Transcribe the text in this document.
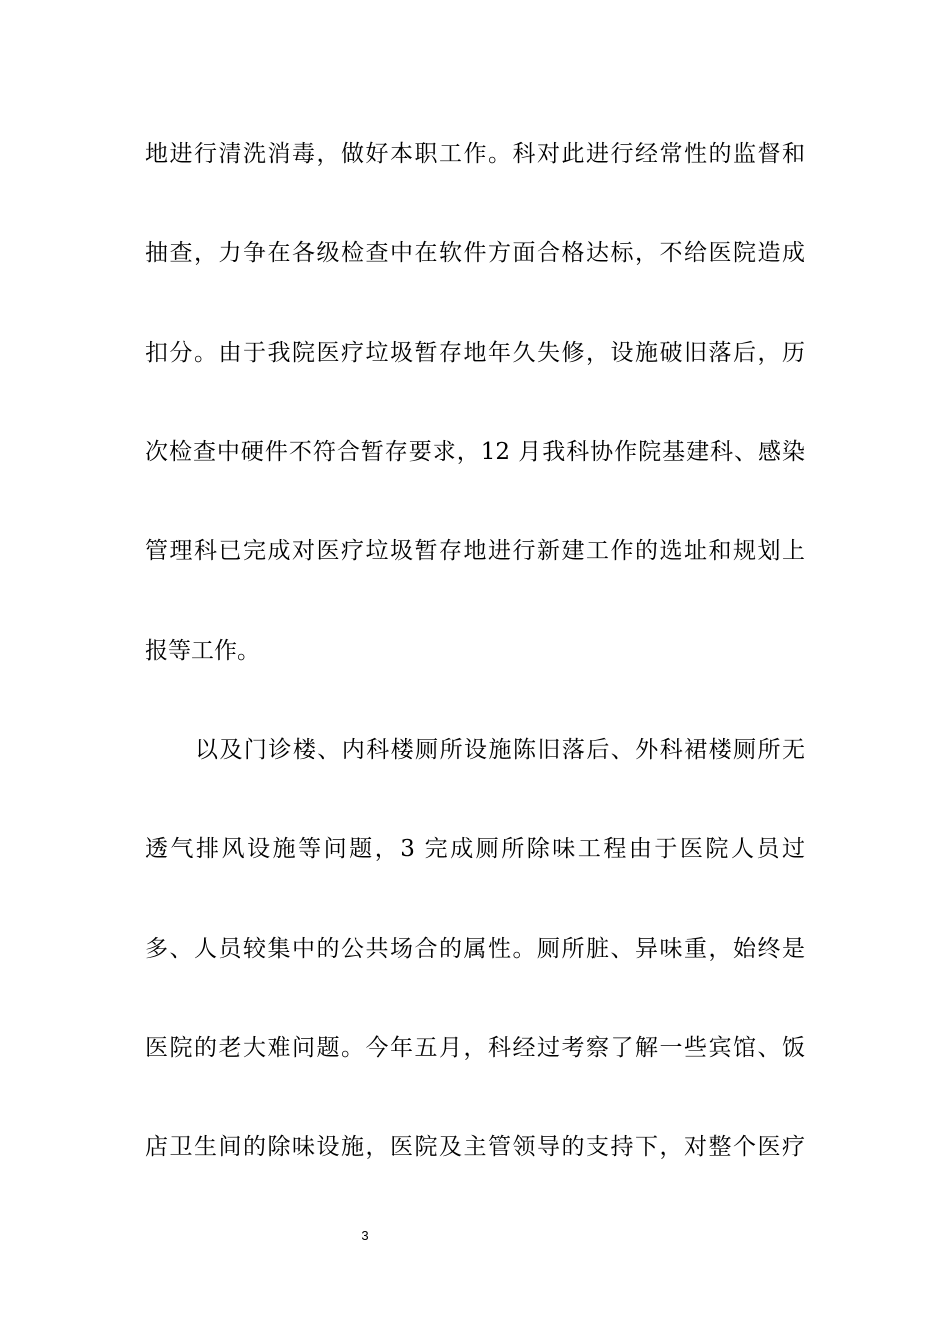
地进行清洗消毒，做好本职工作。科对此进行经常性的监督和
抽查，力争在各级检查中在软件方面合格达标，不给医院造成
扣分。由于我院医疗垃圾暂存地年久失修，设施破旧落后，历
次检查中硬件不符合暂存要求，12 月我科协作院基建科、感染
管理科已完成对医疗垃圾暂存地进行新建工作的选址和规划上
报等工作。
以及门诊楼、内科楼厕所设施陈旧落后、外科裙楼厕所无
透气排风设施等问题，3 完成厕所除味工程由于医院人员过
多、人员较集中的公共场合的属性。厕所脏、异味重，始终是
医院的老大难问题。今年五月，科经过考察了解一些宾馆、饭
店卫生间的除味设施，医院及主管领导的支持下，对整个医疗
3
